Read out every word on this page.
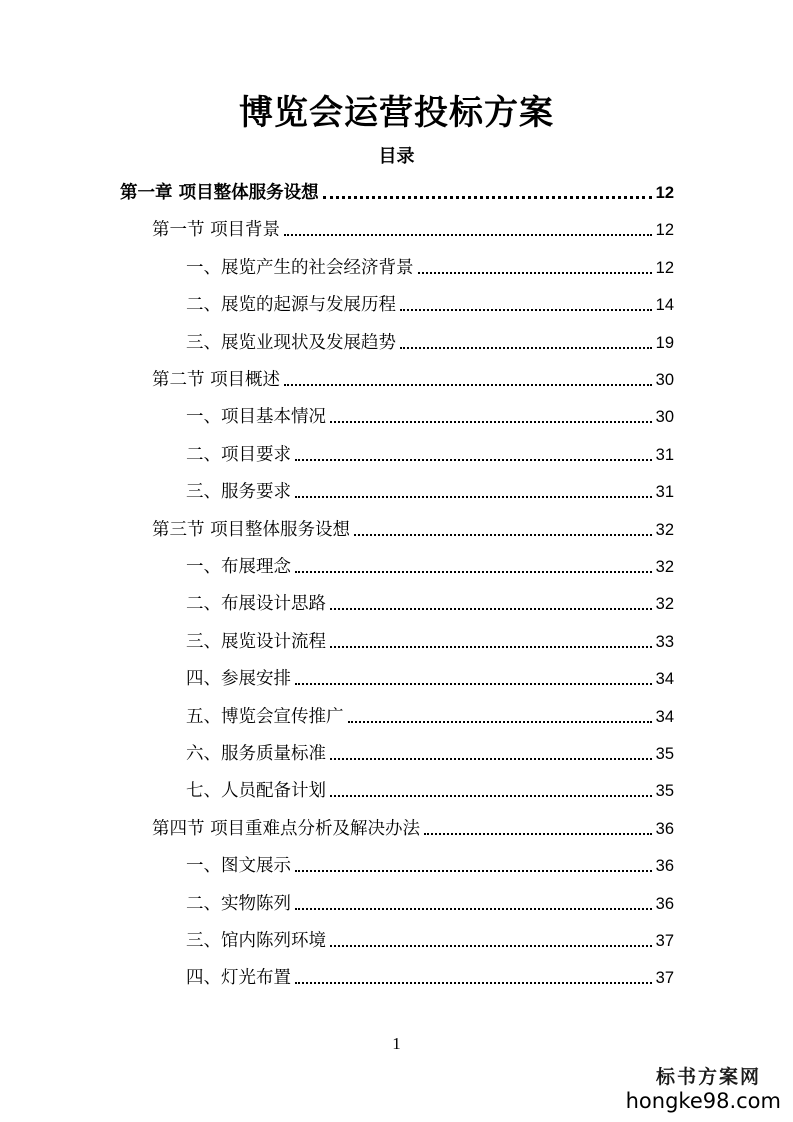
博览会运营投标方案
目录
第一章 项目整体服务设想	12
第一节 项目背景	12
一、展览产生的社会经济背景	12
二、展览的起源与发展历程	14
三、展览业现状及发展趋势	19
第二节 项目概述	30
一、项目基本情况	30
二、项目要求	31
三、服务要求	31
第三节 项目整体服务设想	32
一、布展理念	32
二、布展设计思路	32
三、展览设计流程	33
四、参展安排	34
五、博览会宣传推广	34
六、服务质量标准	35
七、人员配备计划	35
第四节 项目重难点分析及解决办法	36
一、图文展示	36
二、实物陈列	36
三、馆内陈列环境	37
四、灯光布置	37
1
标书方案网
hongke98.com
